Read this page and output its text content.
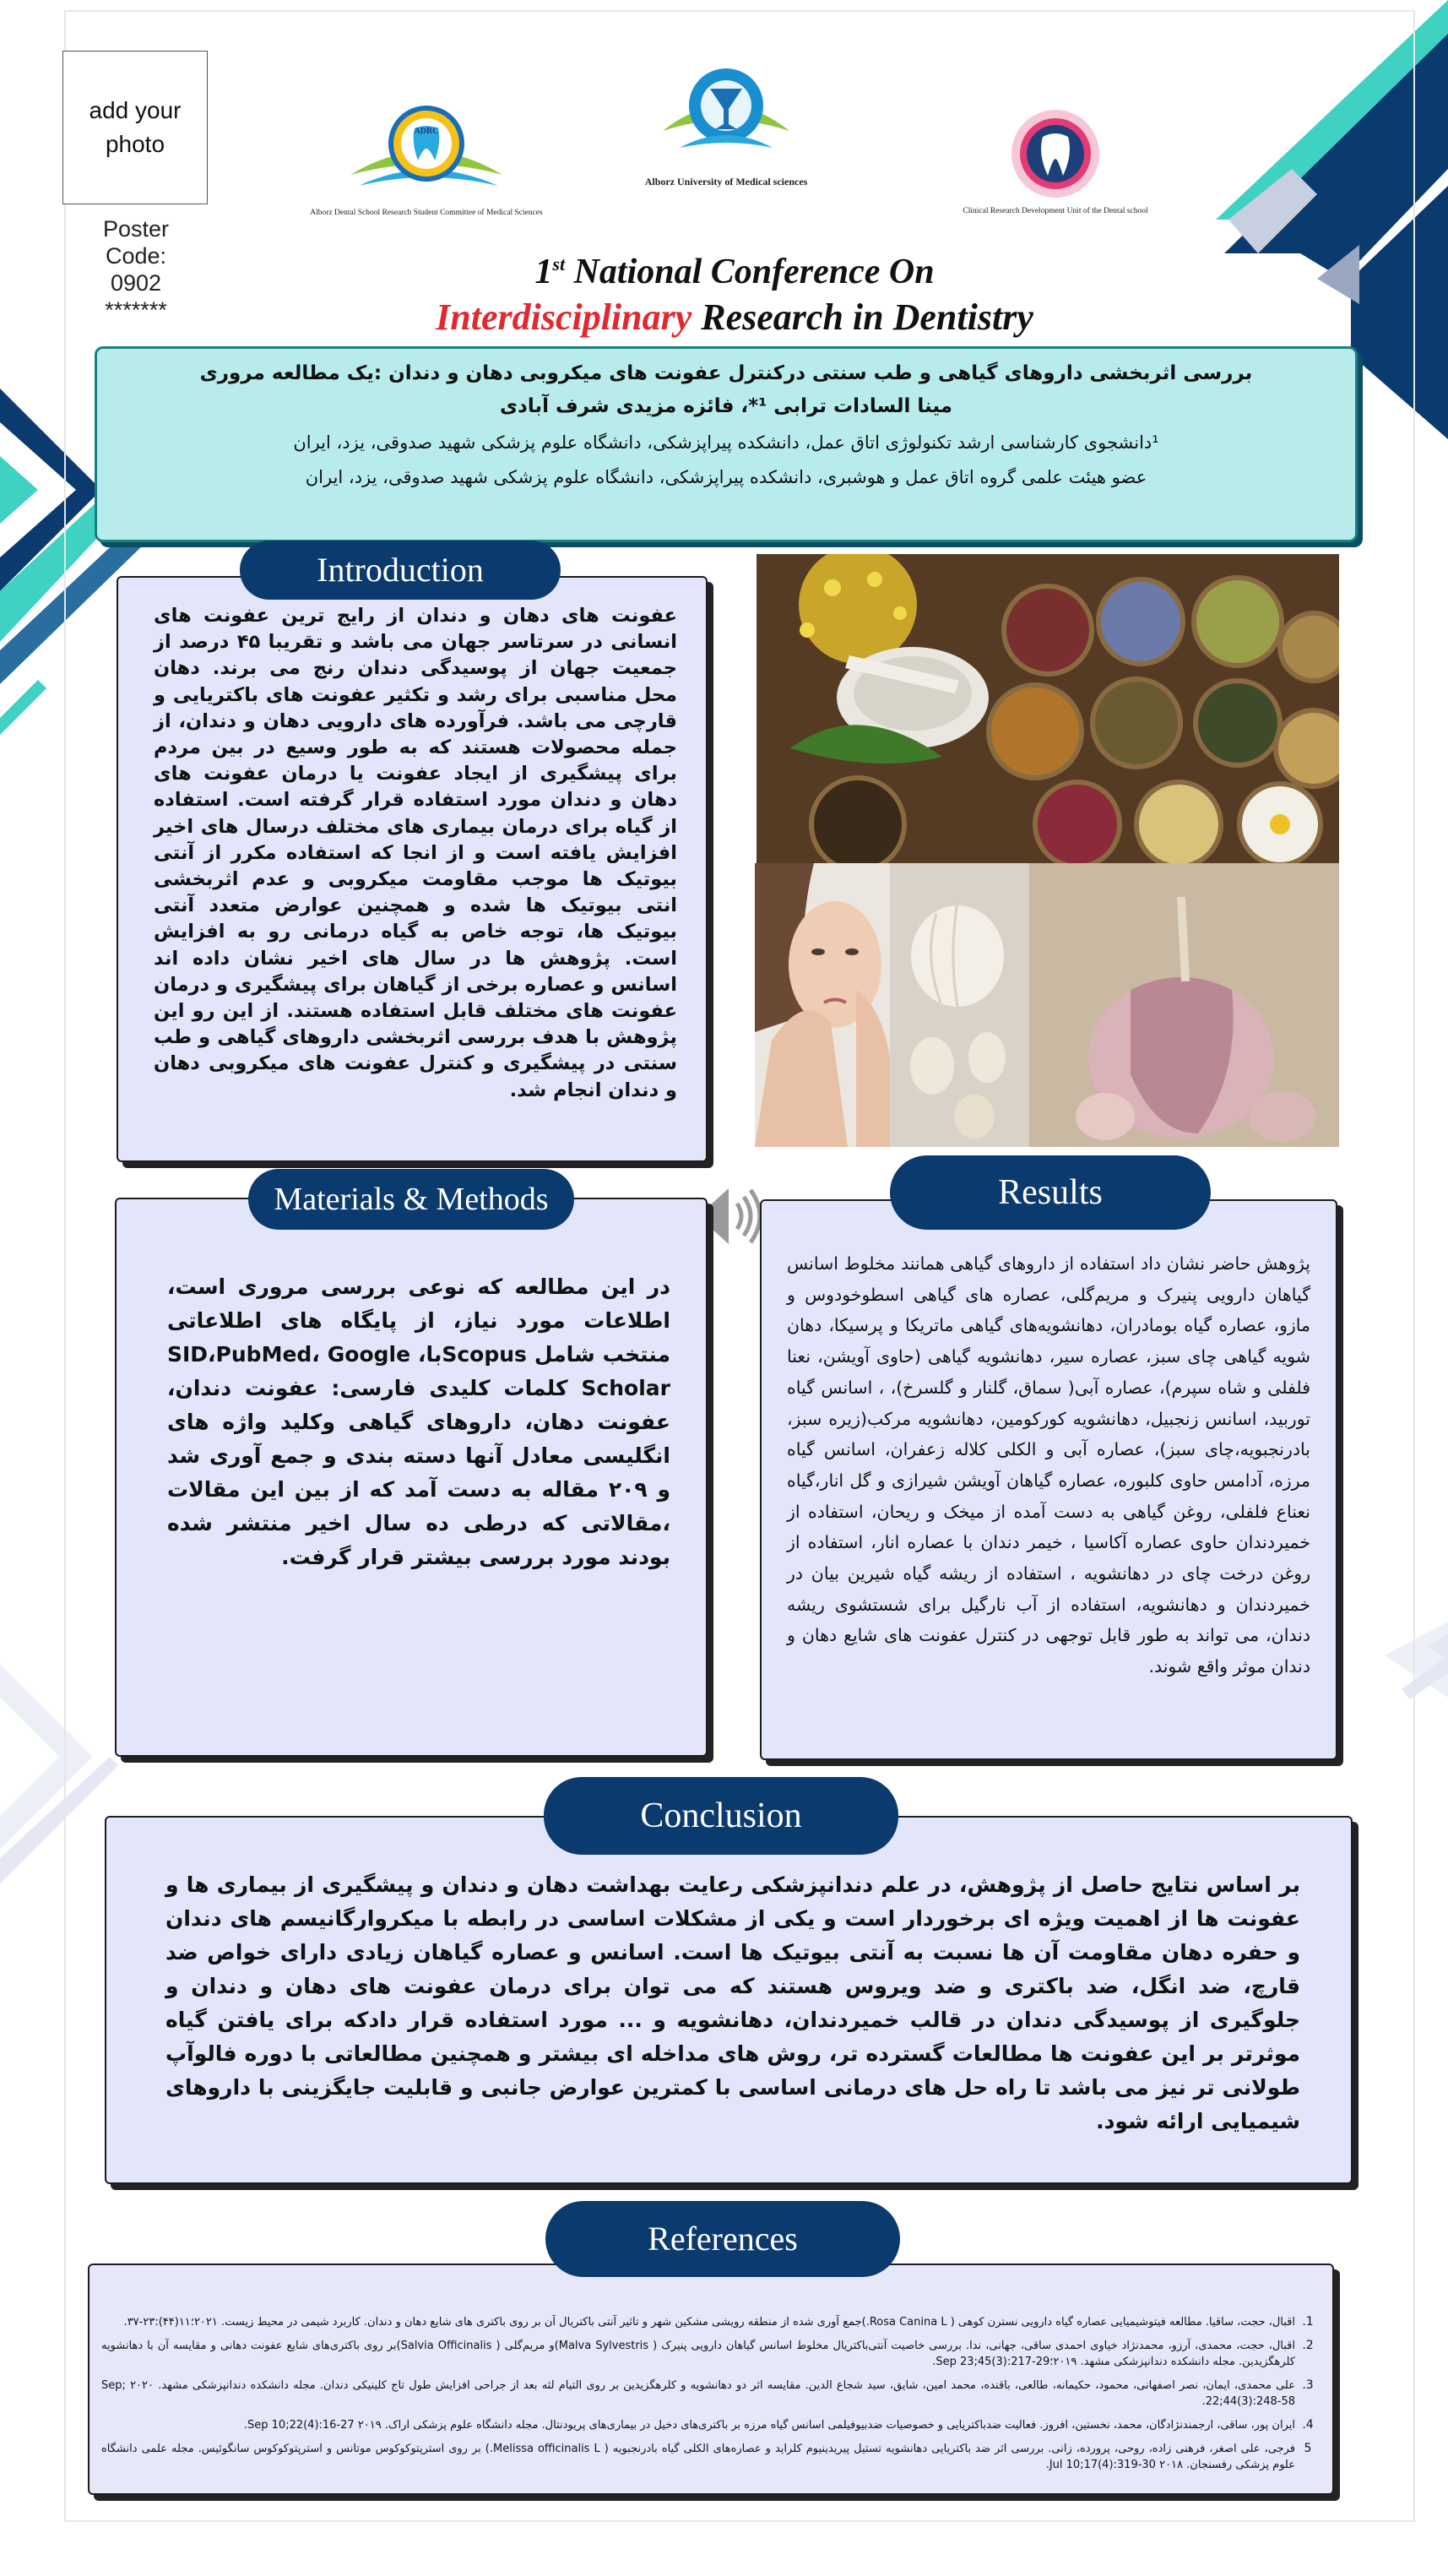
add your
photo
Poster Code:
0902
*******
ADRC
Alborz Dental School Research Student Committee of Medical Sciences
Alborz University of Medical sciences
Clinical Research Development Unit of the Dental school
1st National Conference On
Interdisciplinary Research in Dentistry
بررسی اثربخشی داروهای گیاهی و طب سنتی درکنترل عفونت های میکروبی دهان و دندان :یک مطالعه مروری
مینا السادات ترابی ¹*، فائزه مزیدی شرف آبادی
¹دانشجوی کارشناسی ارشد تکنولوژی اتاق عمل، دانشکده پیراپزشکی، دانشگاه علوم پزشکی شهید صدوقی، یزد، ایران
عضو هیئت علمی گروه اتاق عمل و هوشبری، دانشکده پیراپزشکی، دانشگاه علوم پزشکی شهید صدوقی، یزد، ایران
عفونت های دهان و دندان از رایج ترین عفونت های انسانی در سرتاسر جهان می باشد و تقریبا ۴۵ درصد از جمعیت جهان از پوسیدگی دندان رنج می برند. دهان محل مناسبی برای رشد و تکثیر عفونت های باکتریایی و قارچی می باشد. فرآورده های دارویی دهان و دندان، از جمله محصولات هستند که به طور وسیع در بین مردم برای پیشگیری از ایجاد عفونت یا درمان عفونت های دهان و دندان مورد استفاده قرار گرفته است. استفاده از گیاه برای درمان بیماری های مختلف درسال های اخیر افزایش یافته است و از انجا که استفاده مکرر از آنتی بیوتیک ها موجب مقاومت میکروبی و عدم اثربخشی انتی بیوتیک ها شده و همچنین عوارض متعدد آنتی بیوتیک ها، توجه خاص به گیاه درمانی رو به افزایش است. پژوهش ها در سال های اخیر نشان داده اند اسانس و عصاره برخی از گیاهان برای پیشگیری و درمان عفونت های مختلف قابل استفاده هستند. از این رو این پژوهش با هدف بررسی اثربخشی داروهای گیاهی و طب سنتی در پیشگیری و کنترل عفونت های میکروبی دهان و دندان انجام شد.
Introduction
در این مطالعه که نوعی بررسی مروری است، اطلاعات مورد نیاز، از پایگاه های اطلاعاتی منتخب شامل Scopusبا، SID،PubMed، Google Scholar کلمات کلیدی فارسی: عفونت دندان، عفونت دهان، داروهای گیاهی وکلید واژه های انگلیسی معادل آنها دسته بندی و جمع آوری شد و ۲۰۹ مقاله به دست آمد که از بین این مقالات ،مقالاتی که درطی ده سال اخیر منتشر شده بودند مورد بررسی بیشتر قرار گرفت.
Materials & Methods
پژوهش حاضر نشان داد استفاده از داروهای گیاهی همانند مخلوط اسانس گیاهان دارویی پنیرک و مریم‌گلی، عصاره های گیاهی اسطوخودوس و مازو، عصاره گیاه بومادران، دهانشویه‌های گیاهی ماتریکا و پرسیکا، دهان شویه گیاهی چای سبز، عصاره سیر، دهانشویه گیاهی (حاوی آویشن، نعنا فلفلی و شاه سپرم)، عصاره آبی( سماق، گلنار و گلسرخ)، ، اسانس گیاه توربید، اسانس زنجبیل، دهانشویه کورکومین، دهانشویه مرکب(زیره سبز، بادرنجبویه،چای سبز)، عصاره آبی و الکلی کلاله زعفران، اسانس گیاه مرزه، آدامس حاوی کلبوره، عصاره گیاهان آویشن شیرازی و گل انار،گیاه نعناع فلفلی، روغن گیاهی به دست آمده از میخک و ریحان، استفاده از خمیردندان حاوی عصاره آکاسیا ، خیمر دندان با عصاره انار، استفاده از روغن درخت چای در دهانشویه ، استفاده از ریشه گیاه شیرین بیان در خمیردندان و دهانشویه، استفاده از آب نارگیل برای شستشوی ریشه دندان، می تواند به طور قابل توجهی در کنترل عفونت های شایع دهان و دندان موثر واقع شوند.
Results
بر اساس نتایج حاصل از پژوهش، در علم دندانپزشکی رعایت بهداشت دهان و دندان و پیشگیری از بیماری ها و عفونت ها از اهمیت ویژه ای برخوردار است و یکی از مشکلات اساسی در رابطه با میکروارگانیسم های دندان و حفره دهان مقاومت آن ها نسبت به آنتی بیوتیک ها است. اسانس و عصاره گیاهان زیادی دارای خواص ضد قارچ، ضد انگل، ضد باکتری و ضد ویروس هستند که می توان برای درمان عفونت های دهان و دندان و جلوگیری از پوسیدگی دندان در قالب خمیردندان، دهانشویه و ... مورد استفاده قرار دادکه برای یافتن گیاه موثرتر بر این عفونت ها مطالعات گسترده تر، روش های مداخله ای بیشتر و همچنین مطالعاتی با دوره فالوآپ طولانی تر نیز می باشد تا راه حل های درمانی اساسی با کمترین عوارض جانبی و قابلیت جایگزینی با داروهای شیمیایی ارائه شود.
Conclusion
1.
اقبال، حجت، ساقیا. مطالعه فیتوشیمیایی عصاره گیاه دارویی نسترن کوهی ( Rosa Canina L.)جمع آوری شده از منطقه رویشی مشکین شهر و تاثیر آنتی باکتریال آن بر روی باکتری های شایع دهان و دندان. کاربرد شیمی در محیط زیست. ۲۰۲۱؛۱۱(۴۴):۲۳-۳۷.
2.
اقبال، حجت، محمدی، آرزو، محمدنژاد خیاوی احمدی ساقی، جهانی، ندا. بررسی خاصیت آنتی‌باکتریال مخلوط اسانس گیاهان دارویی پنیرک ( Malva Sylvestris)و مریم‌گلی ( Salvia Officinalis)بر روی باکتری‌های شایع عفونت دهانی و مقایسه آن با دهانشویه کلرهگزیدین. مجله دانشکده دندانپزشکی مشهد. ۲۰۱۹؛Sep 23;45(3):217-29.
3.
علی محمدی، ایمان، نصر اصفهانی، محمود، حکیمانه، طالعی، باقنده، محمد امین، شایق، سید شجاع الدین. مقایسه اثر دو دهانشویه و کلرهگزیدین بر روی التیام لثه بعد از جراحی افزایش طول تاج کلینیکی دندان. مجله دانشکده دندانپزشکی مشهد. ۲۰۲۰ ;Sep 22;44(3):248-58.
4.
ایران پور، ساقی، ارجمندنژادگان، محمد، نخستین، افروز. فعالیت ضدباکتریایی و خصوصیات ضدبیوفیلمی اسانس گیاه مرزه بر باکتری‌های دخیل در بیماری‌های پریودنتال. مجله دانشگاه علوم پزشکی اراک. ۲۰۱۹ Sep 10;22(4):16-27.
5
فرجی، علی اصغر، فرهنی زاده، روحی، پرورده، زانی. بررسی اثر ضد باکتریایی دهانشویه تستیل پیریدینیوم کلراید و عصاره‌های الکلی گیاه بادرنجبویه ( Melissa officinalis L.) بر روی استرپتوکوکوس موتانس و استرپتوکوکوس سانگوئیس. مجله علمی دانشگاه علوم پزشکی رفسنجان. ۲۰۱۸ Jul 10;17(4):319-30.
References
